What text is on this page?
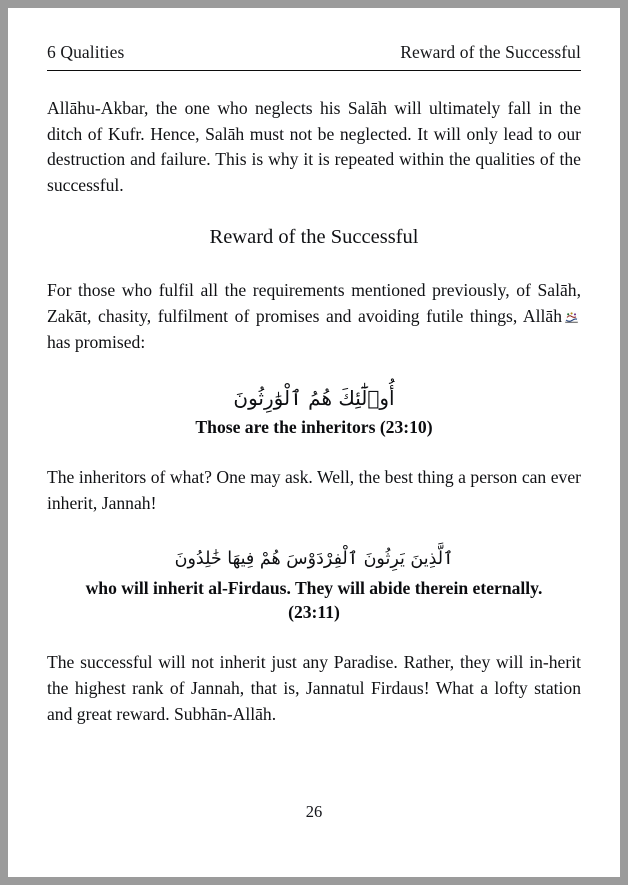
6 Qualities	Reward of the Successful

Allāhu-Akbar, the one who neglects his Salāh will ultimately fall in the ditch of Kufr. Hence, Salāh must not be neglected. It will only lead to our destruction and failure. This is why it is repeated within the qualities of the successful.

Reward of the Successful

For those who fulfil all the requirements mentioned previously, of Salāh, Zakāt, chasity, fulfilment of promises and avoiding futile things, Allāh
has promised:

أُو۟لَٰٓئِكَ هُمُ ٱلْوَٰرِثُونَ
Those are the inheritors (23:10)

The inheritors of what? One may ask. Well, the best thing a person can ever inherit, Jannah!

ٱلَّذِينَ يَرِثُونَ ٱلْفِرْدَوْسَ هُمْ فِيهَا خَٰلِدُونَ
who will inherit al-Firdaus. They will abide therein eternally.
(23:11)

The successful will not inherit just any Paradise. Rather, they will in-herit the highest rank of Jannah, that is, Jannatul Firdaus! What a lofty station and great reward. Subhān-Allāh.

26
